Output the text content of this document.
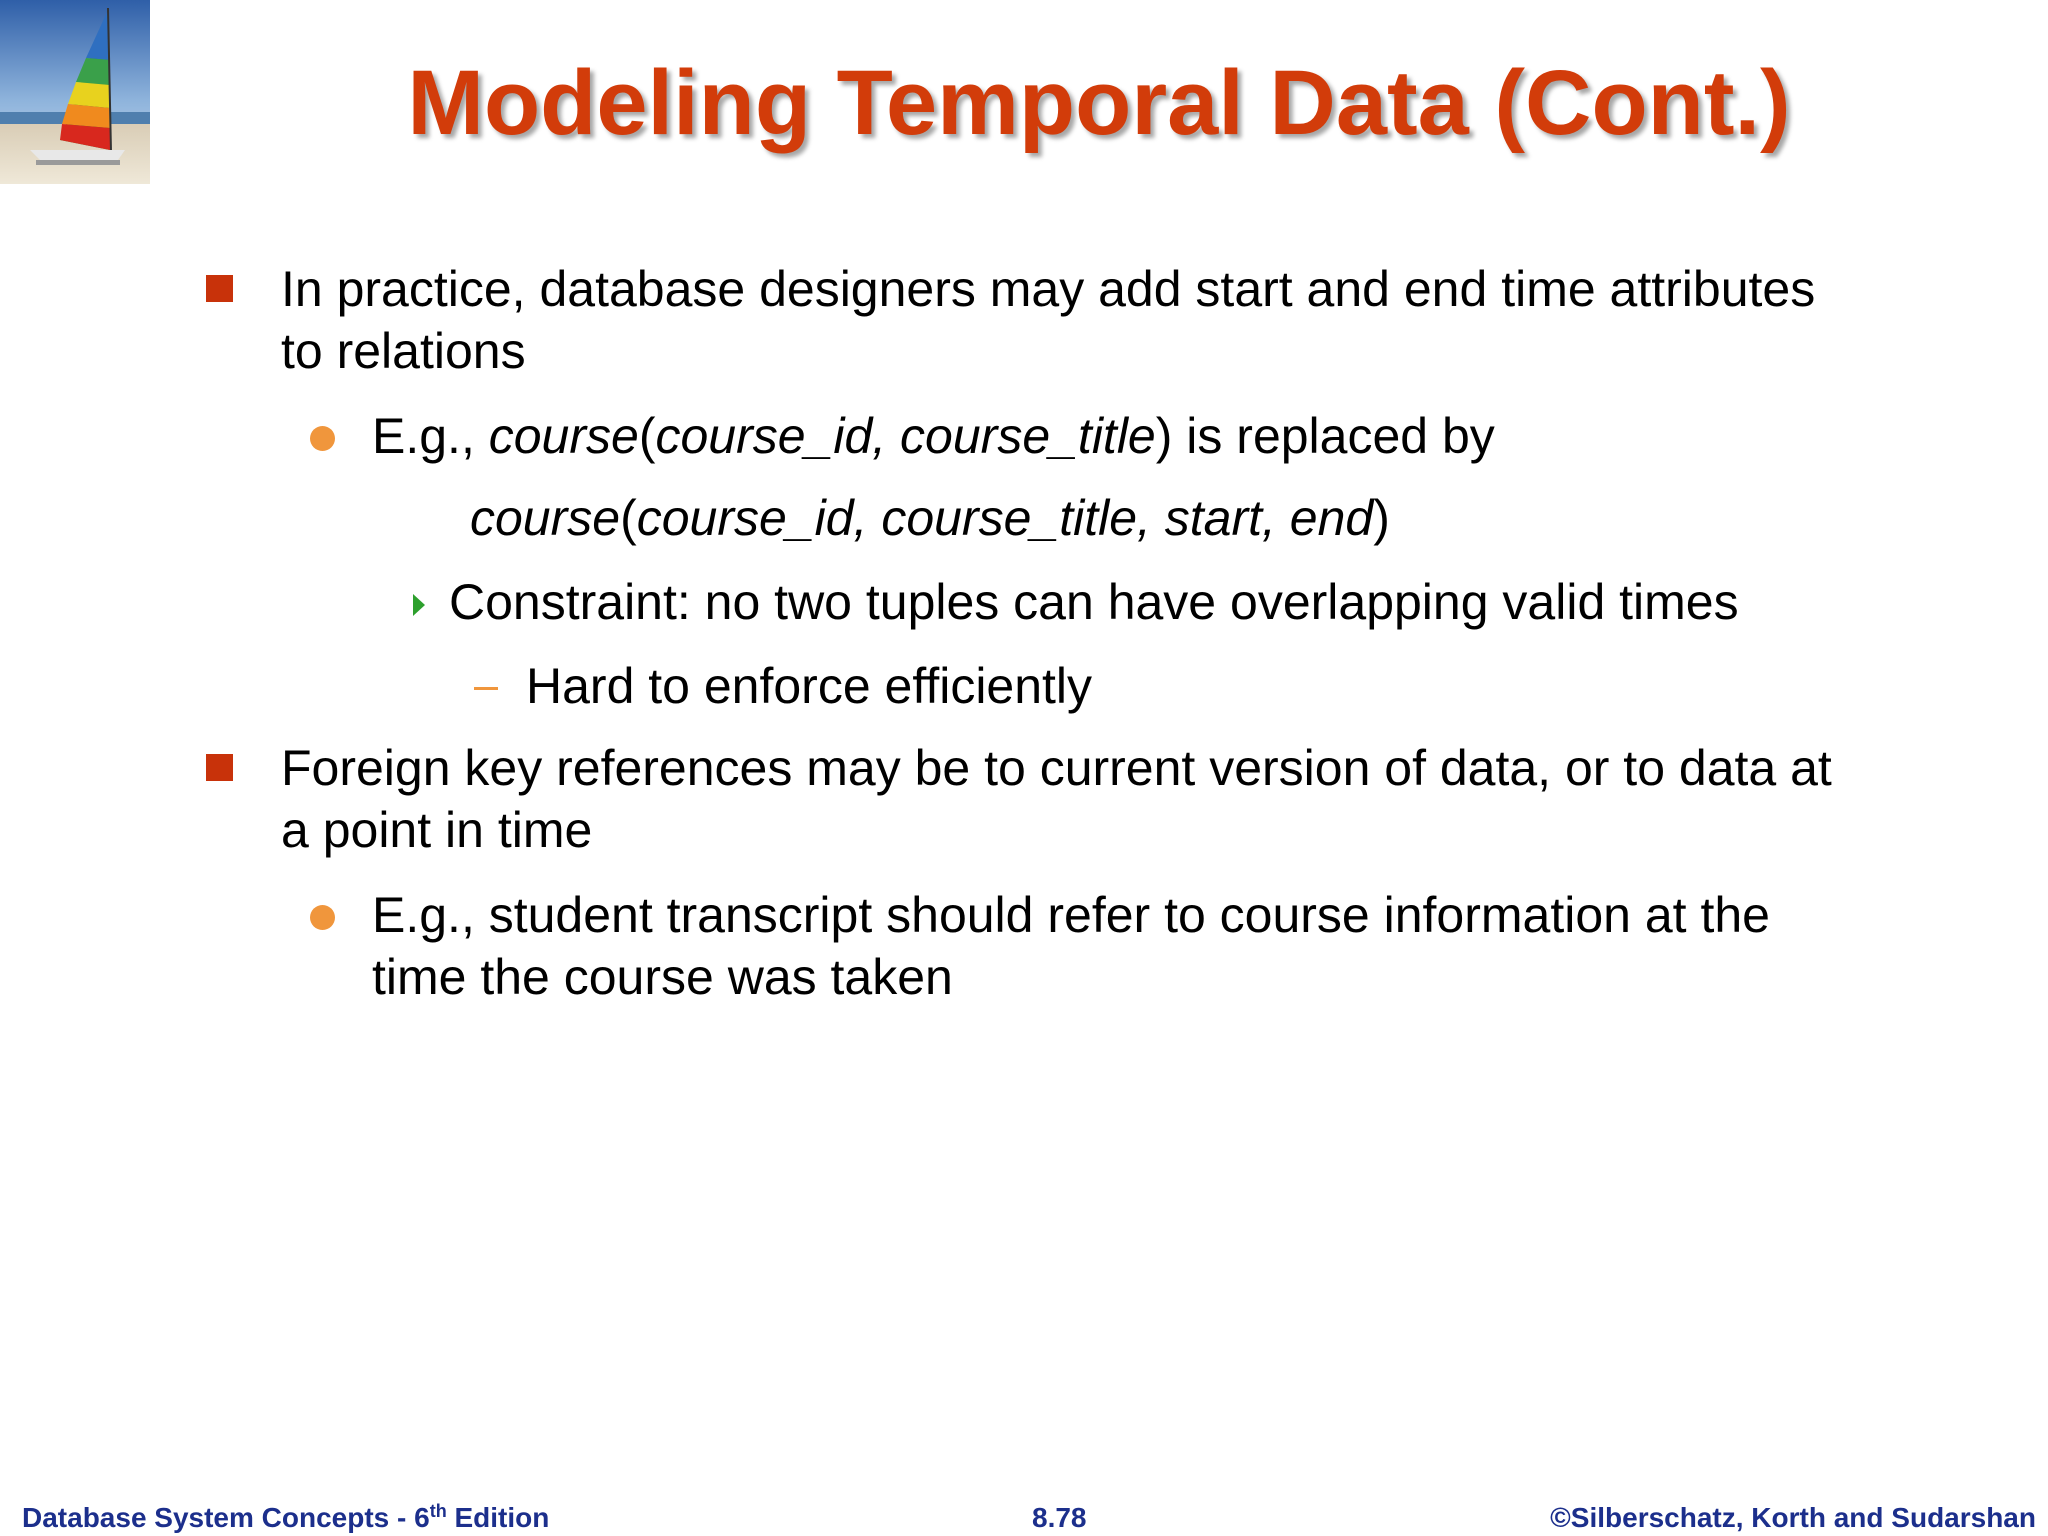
Modeling Temporal Data (Cont.)
In practice, database designers may add start and end time attributes
to relations
E.g., course(course_id, course_title) is replaced by
course(course_id, course_title, start, end)
Constraint: no two tuples can have overlapping valid times
Hard to enforce efficiently
Foreign key references may be to current version of data, or to data at
a point in time
E.g., student transcript should refer to course information at the
time the course was taken
Database System Concepts - 6th Edition	8.78	©Silberschatz, Korth and Sudarshan
